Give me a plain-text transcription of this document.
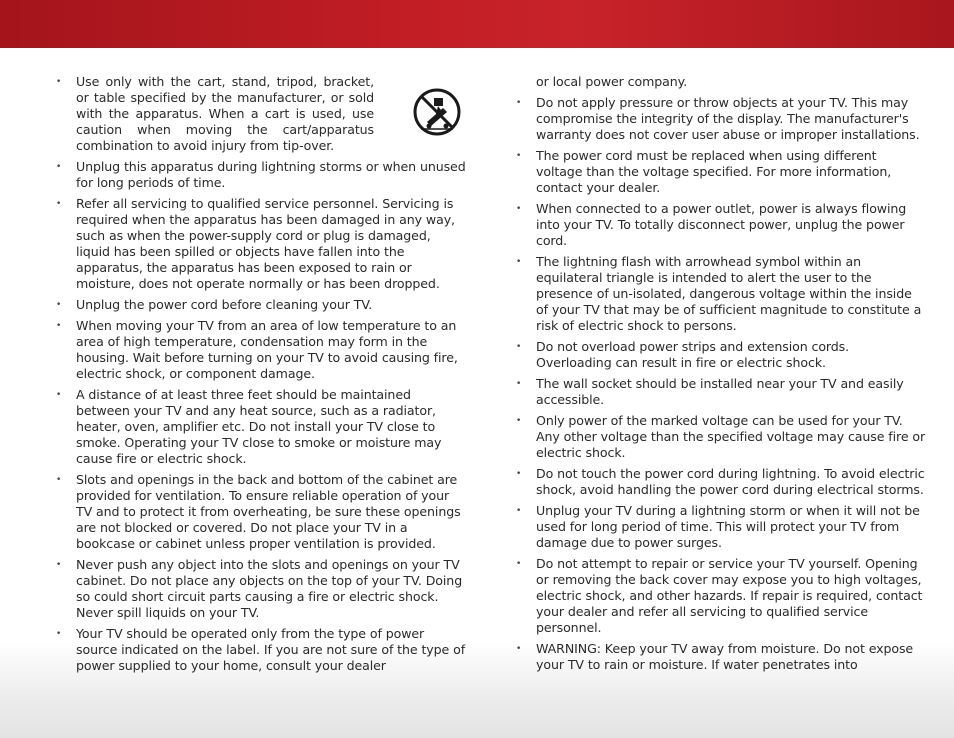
• Use only with the cart, stand, tripod, bracket, or table specified by the manufacturer, or sold with the apparatus. When a cart is used, use caution when moving the cart/apparatus combination to avoid injury from tip-over.
• Unplug this apparatus during lightning storms or when unused for long periods of time.
• Refer all servicing to qualified service personnel. Servicing is required when the apparatus has been damaged in any way, such as when the power-supply cord or plug is damaged, liquid has been spilled or objects have fallen into the apparatus, the apparatus has been exposed to rain or moisture, does not operate normally or has been dropped.
• Unplug the power cord before cleaning your TV.
• When moving your TV from an area of low temperature to an area of high temperature, condensation may form in the housing. Wait before turning on your TV to avoid causing fire, electric shock, or component damage.
• A distance of at least three feet should be maintained between your TV and any heat source, such as a radiator, heater, oven, amplifier etc. Do not install your TV close to smoke. Operating your TV close to smoke or moisture may cause fire or electric shock.
• Slots and openings in the back and bottom of the cabinet are provided for ventilation. To ensure reliable operation of your TV and to protect it from overheating, be sure these openings are not blocked or covered. Do not place your TV in a bookcase or cabinet unless proper ventilation is provided.
• Never push any object into the slots and openings on your TV cabinet. Do not place any objects on the top of your TV. Doing so could short circuit parts causing a fire or electric shock. Never spill liquids on your TV.
• Your TV should be operated only from the type of power source indicated on the label. If you are not sure of the type of power supplied to your home, consult your dealer
or local power company.
• Do not apply pressure or throw objects at your TV. This may compromise the integrity of the display. The manufacturer's warranty does not cover user abuse or improper installations.
• The power cord must be replaced when using different voltage than the voltage specified. For more information, contact your dealer.
• When connected to a power outlet, power is always flowing into your TV. To totally disconnect power, unplug the power cord.
• The lightning flash with arrowhead symbol within an equilateral triangle is intended to alert the user to the presence of un-isolated, dangerous voltage within the inside of your TV that may be of sufficient magnitude to constitute a risk of electric shock to persons.
• Do not overload power strips and extension cords. Overloading can result in fire or electric shock.
• The wall socket should be installed near your TV and easily accessible.
• Only power of the marked voltage can be used for your TV. Any other voltage than the specified voltage may cause fire or electric shock.
• Do not touch the power cord during lightning. To avoid electric shock, avoid handling the power cord during electrical storms.
• Unplug your TV during a lightning storm or when it will not be used for long period of time. This will protect your TV from damage due to power surges.
• Do not attempt to repair or service your TV yourself. Opening or removing the back cover may expose you to high voltages, electric shock, and other hazards. If repair is required, contact your dealer and refer all servicing to qualified service personnel.
• WARNING: Keep your TV away from moisture. Do not expose your TV to rain or moisture. If water penetrates into
